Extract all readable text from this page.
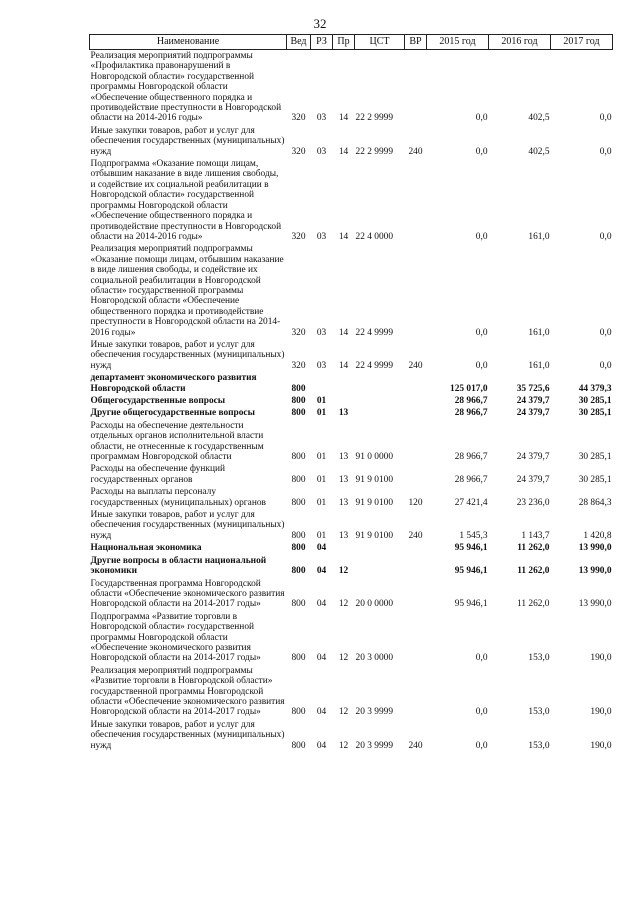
32
Наименование	Вед	РЗ	Пр	ЦСТ	ВР	2015 год	2016 год	2017 год
Реализация мероприятий подпрограммы «Профилактика правонарушений в Новгородской области» государственной программы Новгородской области «Обеспечение общественного порядка и противодействие преступности в Новгородской области на 2014-2016 годы»	320	03	14	22 2 9999		0,0	402,5	0,0
Иные закупки товаров, работ и услуг для обеспечения государственных (муниципальных) нужд	320	03	14	22 2 9999	240	0,0	402,5	0,0
Подпрограмма «Оказание помощи лицам, отбывшим наказание в виде лишения свободы, и содействие их социальной реабилитации в Новгородской области» государственной программы Новгородской области «Обеспечение общественного порядка и противодействие преступности в Новгородской области на 2014-2016 годы»	320	03	14	22 4 0000		0,0	161,0	0,0
Реализация мероприятий подпрограммы «Оказание помощи лицам, отбывшим наказание в виде лишения свободы, и содействие их социальной реабилитации в Новгородской области» государственной программы Новгородской области «Обеспечение общественного порядка и противодействие преступности в Новгородской области на 2014-2016 годы»	320	03	14	22 4 9999		0,0	161,0	0,0
Иные закупки товаров, работ и услуг для обеспечения государственных (муниципальных) нужд	320	03	14	22 4 9999	240	0,0	161,0	0,0
департамент экономического развития Новгородской области	800					125 017,0	35 725,6	44 379,3
Общегосударственные вопросы	800	01				28 966,7	24 379,7	30 285,1
Другие общегосударственные вопросы	800	01	13			28 966,7	24 379,7	30 285,1
Расходы на обеспечение деятельности отдельных органов исполнительной власти области, не отнесенные к государственным программам Новгородской области	800	01	13	91 0 0000		28 966,7	24 379,7	30 285,1
Расходы на обеспечение функций государственных органов	800	01	13	91 9 0100		28 966,7	24 379,7	30 285,1
Расходы на выплаты персоналу государственных (муниципальных) органов	800	01	13	91 9 0100	120	27 421,4	23 236,0	28 864,3
Иные закупки товаров, работ и услуг для обеспечения государственных (муниципальных) нужд	800	01	13	91 9 0100	240	1 545,3	1 143,7	1 420,8
Национальная экономика	800	04				95 946,1	11 262,0	13 990,0
Другие вопросы в области национальной экономики	800	04	12			95 946,1	11 262,0	13 990,0
Государственная программа Новгородской области «Обеспечение экономического развития Новгородской области на 2014-2017 годы»	800	04	12	20 0 0000		95 946,1	11 262,0	13 990,0
Подпрограмма «Развитие торговли в Новгородской области» государственной программы Новгородской области «Обеспечение экономического развития Новгородской области на 2014-2017 годы»	800	04	12	20 3 0000		0,0	153,0	190,0
Реализация мероприятий подпрограммы «Развитие торговли в Новгородской области» государственной программы Новгородской области «Обеспечение экономического развития Новгородской области на 2014-2017 годы»	800	04	12	20 3 9999		0,0	153,0	190,0
Иные закупки товаров, работ и услуг для обеспечения государственных (муниципальных) нужд	800	04	12	20 3 9999	240	0,0	153,0	190,0
